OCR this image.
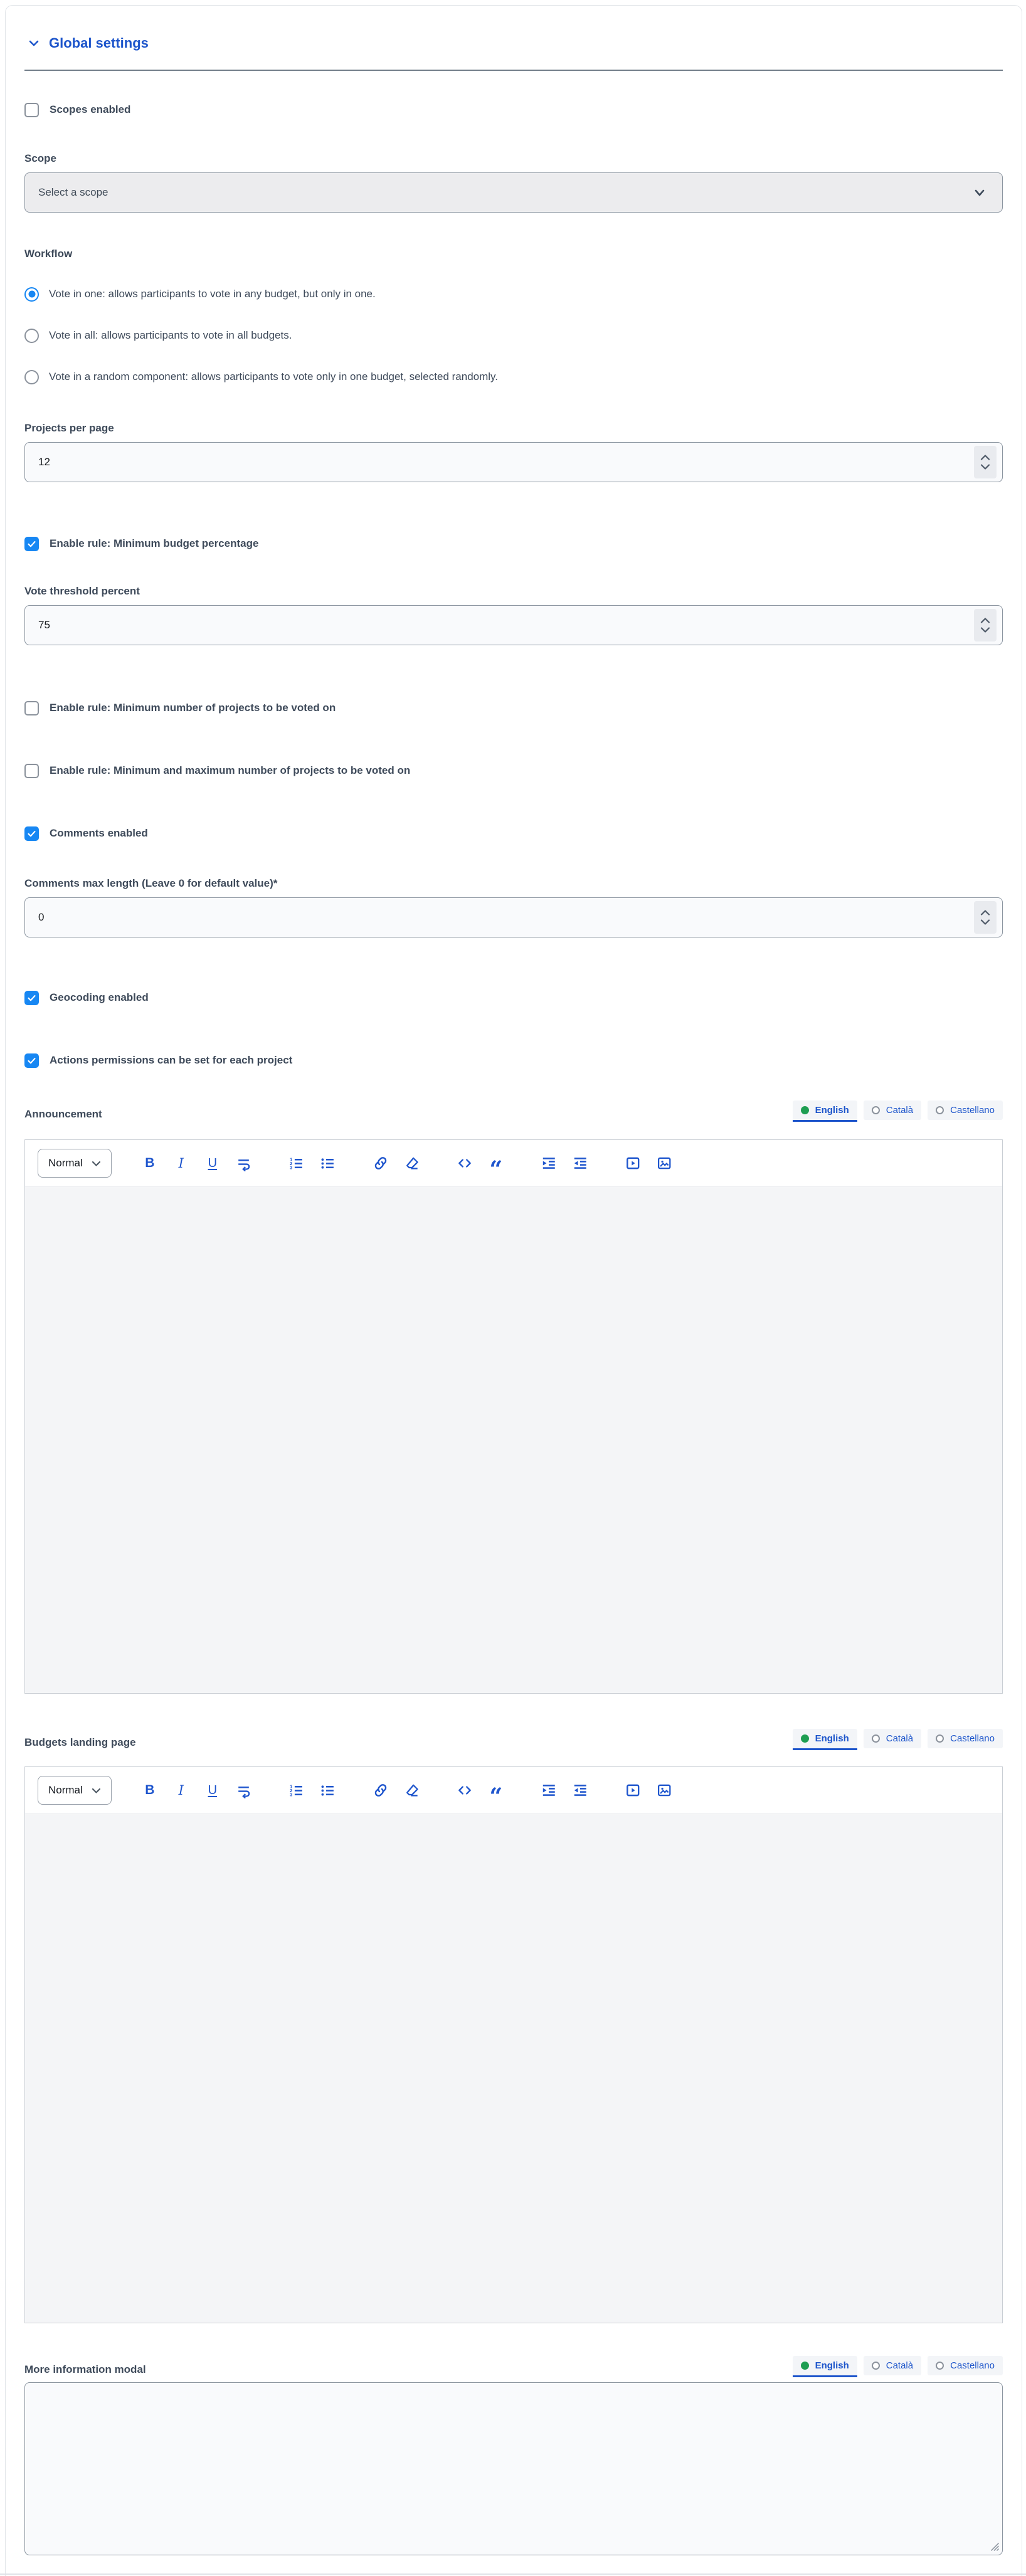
Global settings
Scopes enabled
Scope
Select a scope
Workflow
Vote in one: allows participants to vote in any budget, but only in one.
Vote in all: allows participants to vote in all budgets.
Vote in a random component: allows participants to vote only in one budget, selected randomly.
Projects per page
12
Enable rule: Minimum budget percentage
Vote threshold percent
75
Enable rule: Minimum number of projects to be voted on
Enable rule: Minimum and maximum number of projects to be voted on
Comments enabled
Comments max length (Leave 0 for default value)*
0
Geocoding enabled
Actions permissions can be set for each project
Announcement	English	Català	Castellano
Normal	B I U	1
2
3	“
Budgets landing page	English	Català	Castellano
Normal	B I U	1
2
3	“
More information modal	English	Català	Castellano
